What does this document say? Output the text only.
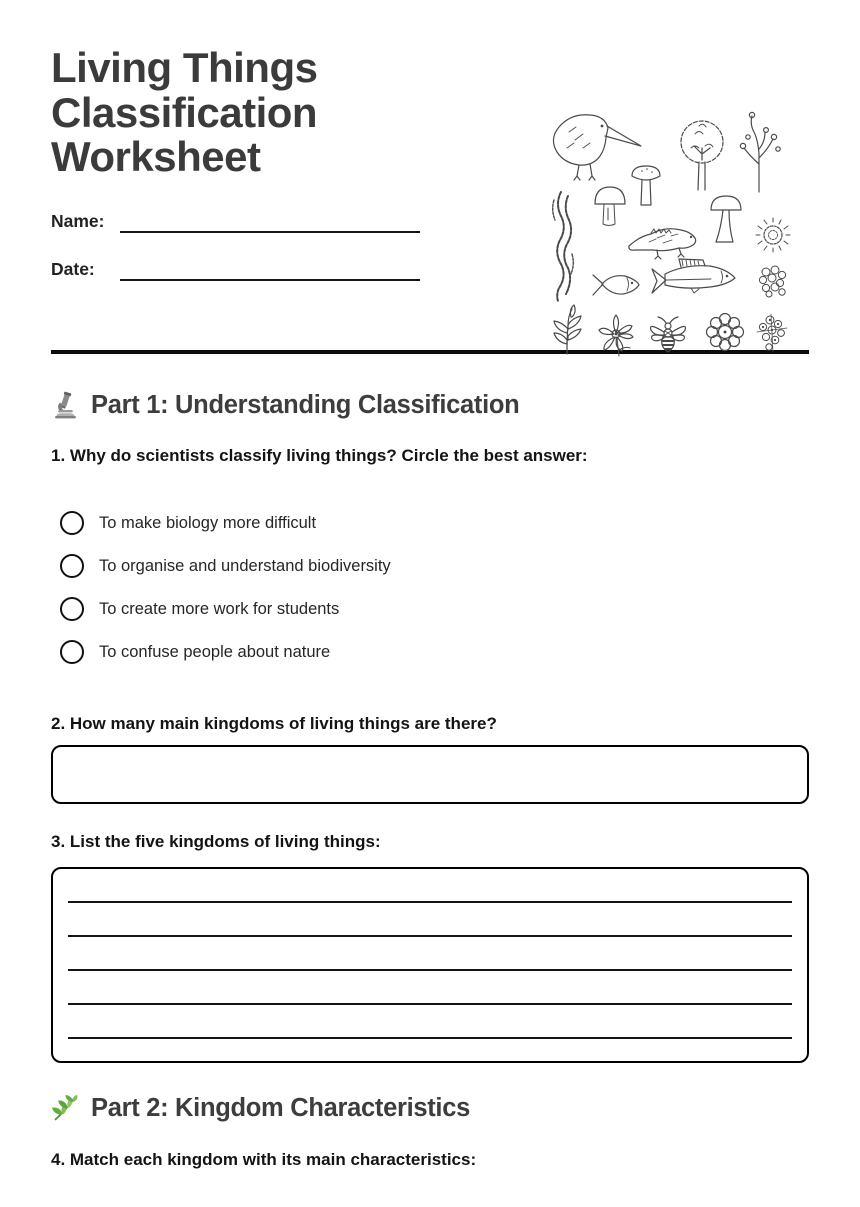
Living Things Classification Worksheet
Name:
Date:
Part 1: Understanding Classification
1. Why do scientists classify living things? Circle the best answer:
To make biology more difficult
To organise and understand biodiversity
To create more work for students
To confuse people about nature
2. How many main kingdoms of living things are there?
3. List the five kingdoms of living things:
Part 2: Kingdom Characteristics
4. Match each kingdom with its main characteristics:
